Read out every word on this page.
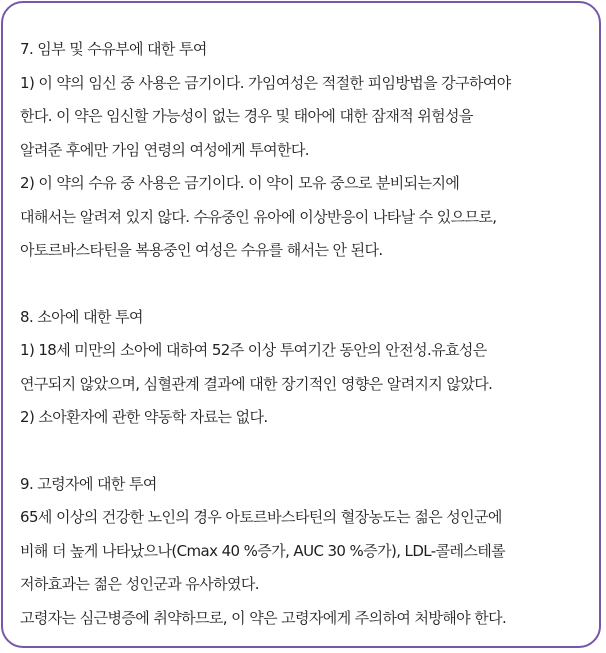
7. 임부 및 수유부에 대한 투여
1) 이 약의 임신 중 사용은 금기이다. 가임여성은 적절한 피임방법을 강구하여야
한다. 이 약은 임신할 가능성이 없는 경우 및 태아에 대한 잠재적 위험성을
알려준 후에만 가임 연령의 여성에게 투여한다.
2) 이 약의 수유 중 사용은 금기이다. 이 약이 모유 중으로 분비되는지에
대해서는 알려져 있지 않다. 수유중인 유아에 이상반응이 나타날 수 있으므로,
아토르바스타틴을 복용중인 여성은 수유를 해서는 안 된다.
8. 소아에 대한 투여
1) 18세 미만의 소아에 대하여 52주 이상 투여기간 동안의 안전성.유효성은
연구되지 않았으며, 심혈관계 결과에 대한 장기적인 영향은 알려지지 않았다.
2) 소아환자에 관한 약동학 자료는 없다.
9. 고령자에 대한 투여
65세 이상의 건강한 노인의 경우 아토르바스타틴의 혈장농도는 젊은 성인군에
비해 더 높게 나타났으나(Cmax 40 %증가, AUC 30 %증가), LDL-콜레스테롤
저하효과는 젊은 성인군과 유사하였다.
고령자는 심근병증에 취약하므로, 이 약은 고령자에게 주의하여 처방해야 한다.
